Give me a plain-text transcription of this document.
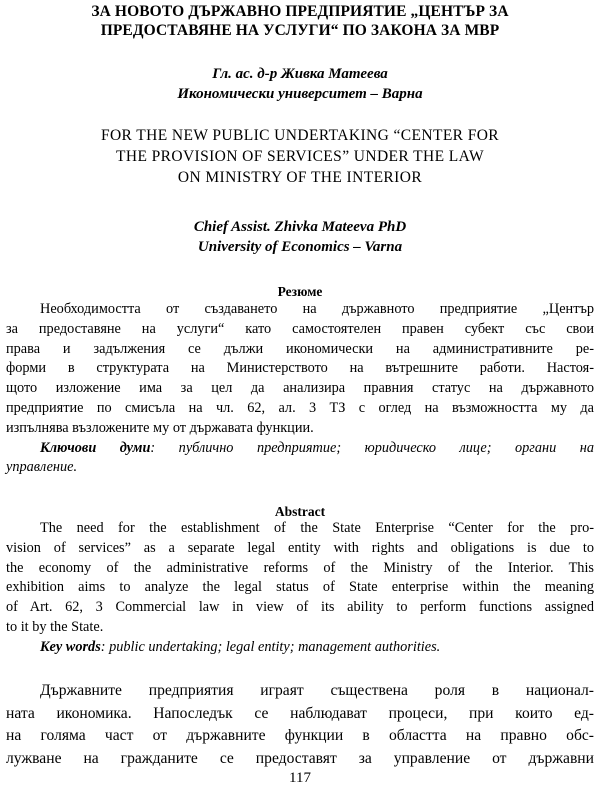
ЗА НОВОТО ДЪРЖАВНО ПРЕДПРИЯТИЕ „ЦЕНТЪР ЗА
ПРЕДОСТАВЯНЕ НА УСЛУГИ“ ПО ЗАКОНА ЗА МВР
Гл. ас. д-р Живка Матеева
Икономически университет – Варна
FOR THE NEW PUBLIC UNDERTAKING “CENTER FOR
THE PROVISION OF SERVICES” UNDER THE LAW
ON MINISTRY OF THE INTERIOR
Chief Assist. Zhivka Mateeva PhD
University of Economics – Varna
Резюме
Необходимостта от създаването на държавното предприятие „Център
за предоставяне на услуги“ като самостоятелен правен субект със свои
права и задължения се дължи икономически на административните ре-
форми в структурата на Министерството на вътрешните работи. Настоя-
щото изложение има за цел да анализира правния статус на държавното
предприятие по смисъла на чл. 62, ал. 3 ТЗ с оглед на възможността му да
изпълнява възложените му от държавата функции.
Ключови думи: публично предприятие; юридическо лице; органи на
управление.
Abstract
The need for the establishment of the State Enterprise “Center for the pro-
vision of services” as a separate legal entity with rights and obligations is due to
the economy of the administrative reforms of the Ministry of the Interior. This
exhibition aims to analyze the legal status of State enterprise within the meaning
of Art. 62, 3 Commercial law in view of its ability to perform functions assigned
to it by the State.
Key words: public undertaking; legal entity; management authorities.
Държавните предприятия играят съществена роля в национал-
ната икономика. Напоследък се наблюдават процеси, при които ед-
на голяма част от държавните функции в областта на правно обс-
лужване на гражданите се предоставят за управление от държавни
117
